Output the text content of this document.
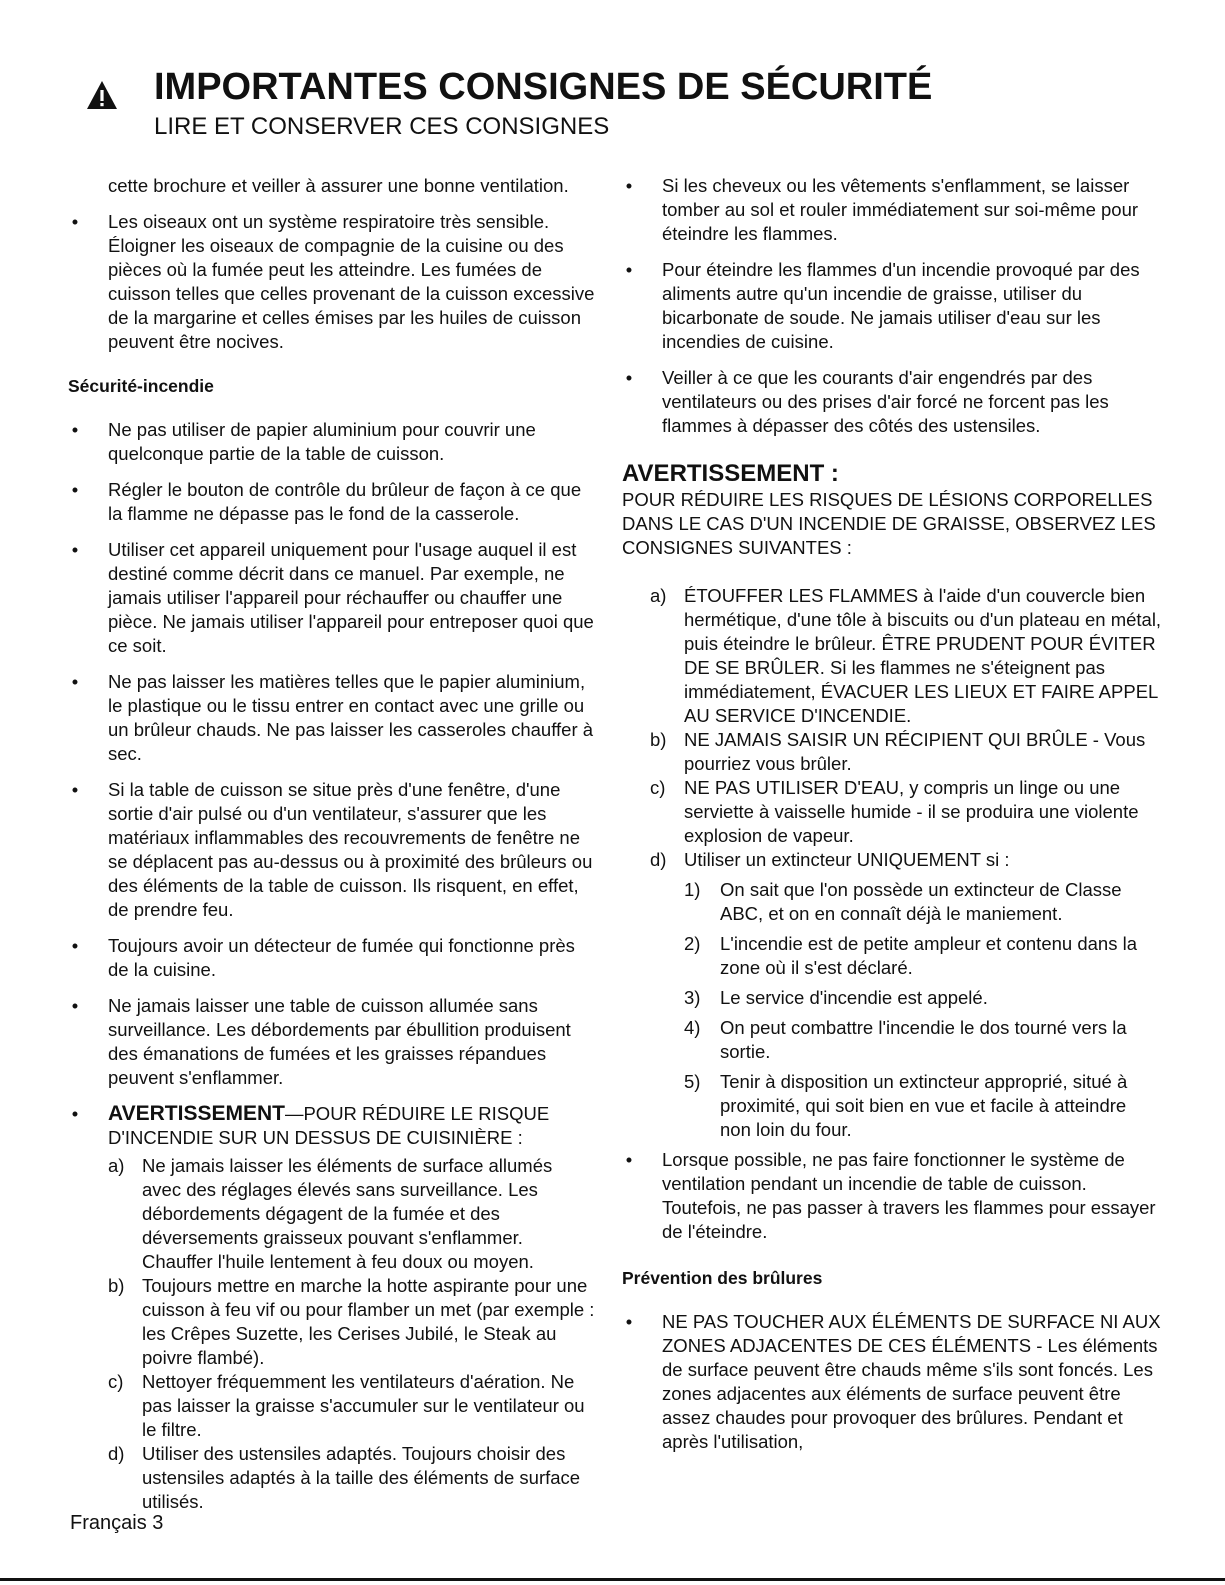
IMPORTANTES CONSIGNES DE SÉCURITÉ
LIRE ET CONSERVER CES CONSIGNES

cette brochure et veiller à assurer une bonne ventilation.

• Les oiseaux ont un système respiratoire très sensible. Éloigner les oiseaux de compagnie de la cuisine ou des pièces où la fumée peut les atteindre. Les fumées de cuisson telles que celles provenant de la cuisson excessive de la margarine et celles émises par les huiles de cuisson peuvent être nocives.

Sécurité-incendie

• Ne pas utiliser de papier aluminium pour couvrir une quelconque partie de la table de cuisson.
• Régler le bouton de contrôle du brûleur de façon à ce que la flamme ne dépasse pas le fond de la casserole.
• Utiliser cet appareil uniquement pour l'usage auquel il est destiné comme décrit dans ce manuel. Par exemple, ne jamais utiliser l'appareil pour réchauffer ou chauffer une pièce. Ne jamais utiliser l'appareil pour entreposer quoi que ce soit.
• Ne pas laisser les matières telles que le papier aluminium, le plastique ou le tissu entrer en contact avec une grille ou un brûleur chauds. Ne pas laisser les casseroles chauffer à sec.
• Si la table de cuisson se situe près d'une fenêtre, d'une sortie d'air pulsé ou d'un ventilateur, s'assurer que les matériaux inflammables des recouvrements de fenêtre ne se déplacent pas au-dessus ou à proximité des brûleurs ou des éléments de la table de cuisson. Ils risquent, en effet, de prendre feu.
• Toujours avoir un détecteur de fumée qui fonctionne près de la cuisine.
• Ne jamais laisser une table de cuisson allumée sans surveillance. Les débordements par ébullition produisent des émanations de fumées et les graisses répandues peuvent s'enflammer.
• AVERTISSEMENT—POUR RÉDUIRE LE RISQUE D'INCENDIE SUR UN DESSUS DE CUISINIÈRE :
a) Ne jamais laisser les éléments de surface allumés avec des réglages élevés sans surveillance. Les débordements dégagent de la fumée et des déversements graisseux pouvant s'enflammer. Chauffer l'huile lentement à feu doux ou moyen.
b) Toujours mettre en marche la hotte aspirante pour une cuisson à feu vif ou pour flamber un met (par exemple : les Crêpes Suzette, les Cerises Jubilé, le Steak au poivre flambé).
c) Nettoyer fréquemment les ventilateurs d'aération. Ne pas laisser la graisse s'accumuler sur le ventilateur ou le filtre.
d) Utiliser des ustensiles adaptés. Toujours choisir des ustensiles adaptés à la taille des éléments de surface utilisés.
• Si les cheveux ou les vêtements s'enflamment, se laisser tomber au sol et rouler immédiatement sur soi-même pour éteindre les flammes.
• Pour éteindre les flammes d'un incendie provoqué par des aliments autre qu'un incendie de graisse, utiliser du bicarbonate de soude. Ne jamais utiliser d'eau sur les incendies de cuisine.
• Veiller à ce que les courants d'air engendrés par des ventilateurs ou des prises d'air forcé ne forcent pas les flammes à dépasser des côtés des ustensiles.

AVERTISSEMENT :

POUR RÉDUIRE LES RISQUES DE LÉSIONS CORPORELLES DANS LE CAS D'UN INCENDIE DE GRAISSE, OBSERVEZ LES CONSIGNES SUIVANTES :

a) ÉTOUFFER LES FLAMMES à l'aide d'un couvercle bien hermétique, d'une tôle à biscuits ou d'un plateau en métal, puis éteindre le brûleur. ÊTRE PRUDENT POUR ÉVITER DE SE BRÛLER. Si les flammes ne s'éteignent pas immédiatement, ÉVACUER LES LIEUX ET FAIRE APPEL AU SERVICE D'INCENDIE.
b) NE JAMAIS SAISIR UN RÉCIPIENT QUI BRÛLE - Vous pourriez vous brûler.
c) NE PAS UTILISER D'EAU, y compris un linge ou une serviette à vaisselle humide - il se produira une violente explosion de vapeur.
d) Utiliser un extincteur UNIQUEMENT si :
1) On sait que l'on possède un extincteur de Classe ABC, et on en connaît déjà le maniement.
2) L'incendie est de petite ampleur et contenu dans la zone où il s'est déclaré.
3) Le service d'incendie est appelé.
4) On peut combattre l'incendie le dos tourné vers la sortie.
5) Tenir à disposition un extincteur approprié, situé à proximité, qui soit bien en vue et facile à atteindre non loin du four.
• Lorsque possible, ne pas faire fonctionner le système de ventilation pendant un incendie de table de cuisson. Toutefois, ne pas passer à travers les flammes pour essayer de l'éteindre.

Prévention des brûlures

• NE PAS TOUCHER AUX ÉLÉMENTS DE SURFACE NI AUX ZONES ADJACENTES DE CES ÉLÉMENTS - Les éléments de surface peuvent être chauds même s'ils sont foncés. Les zones adjacentes aux éléments de surface peuvent être assez chaudes pour provoquer des brûlures. Pendant et après l'utilisation,

Français 3
